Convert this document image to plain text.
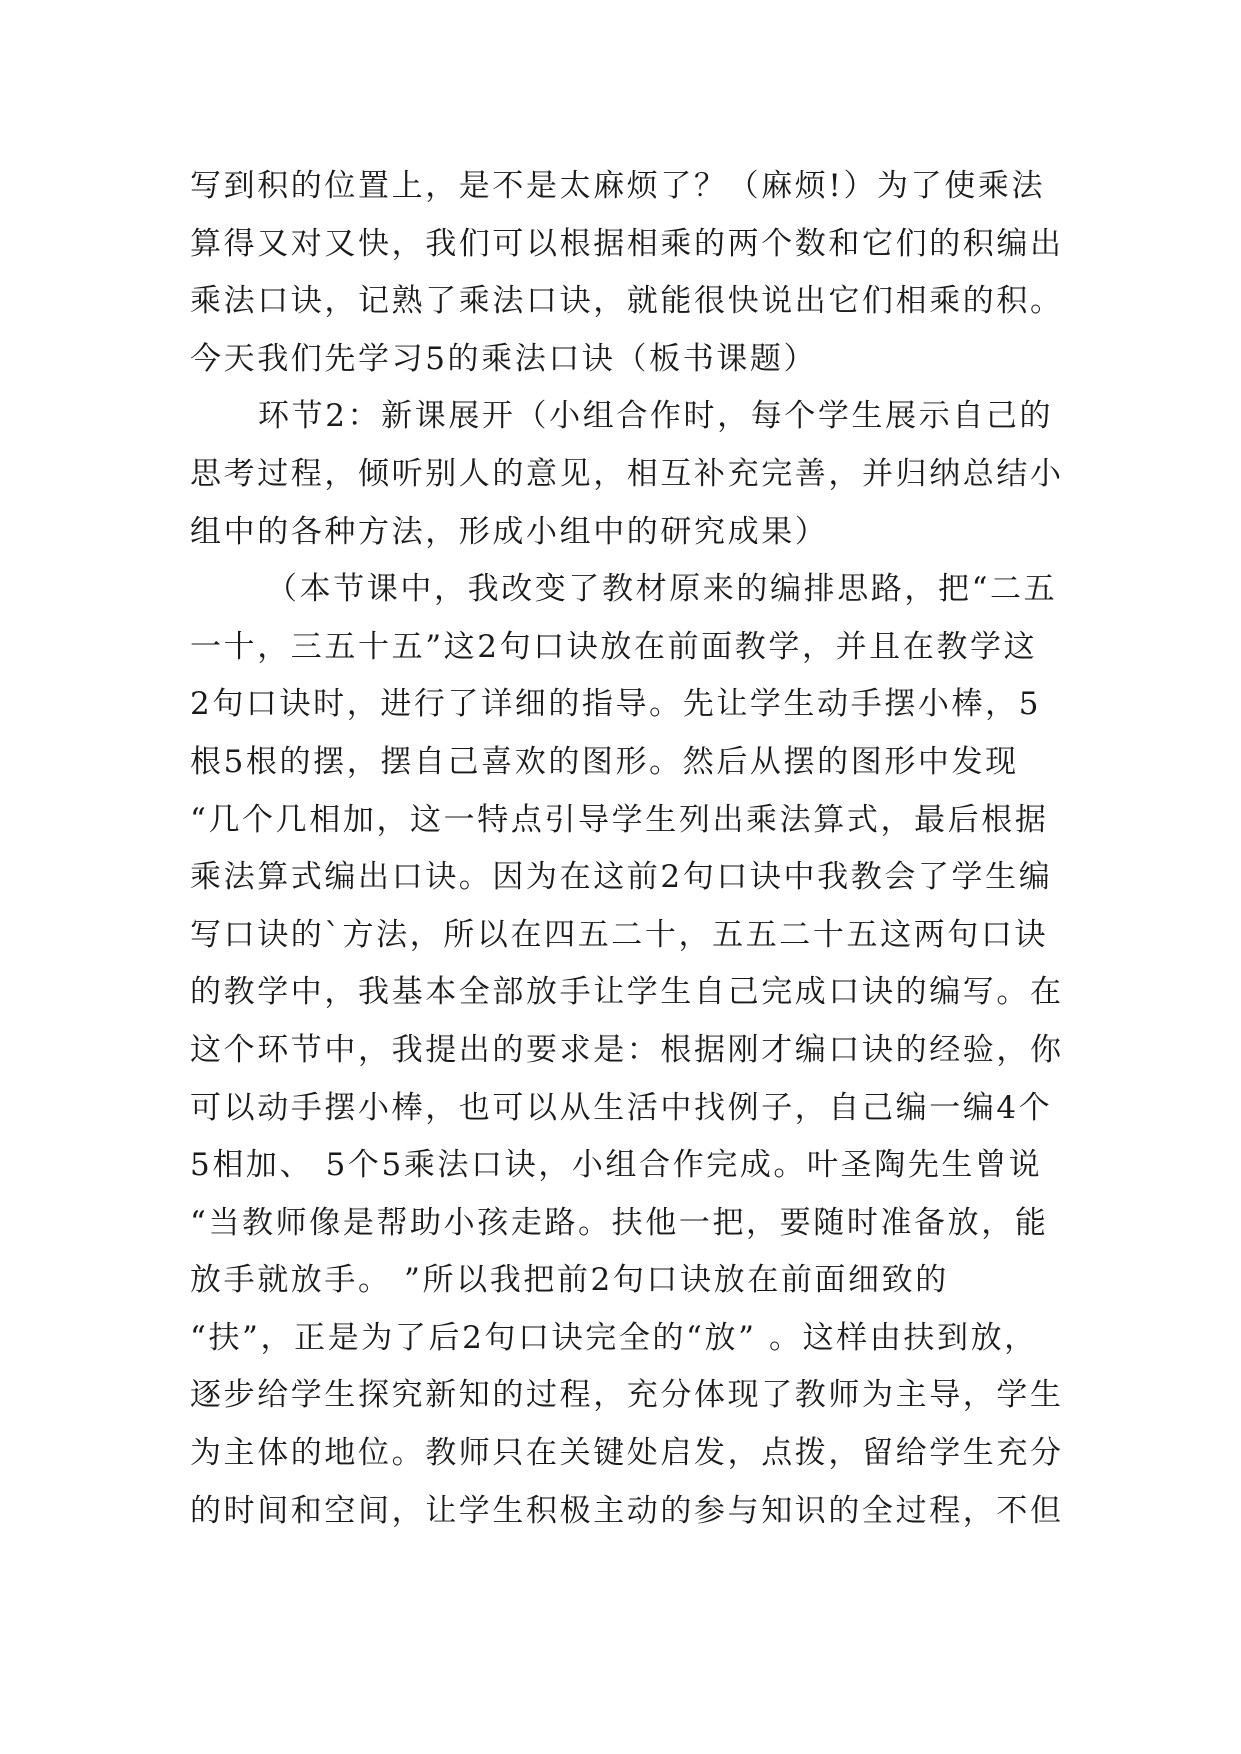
写到积的位置上，是不是太麻烦了？（麻烦!）为了使乘法
算得又对又快，我们可以根据相乘的两个数和它们的积编出
乘法口诀，记熟了乘法口诀，就能很快说出它们相乘的积。
今天我们先学习5的乘法口诀（板书课题）
环节2：新课展开（小组合作时，每个学生展示自己的
思考过程，倾听别人的意见，相互补充完善，并归纳总结小
组中的各种方法，形成小组中的研究成果）
（本节课中，我改变了教材原来的编排思路，把“二五
一十，三五十五”这2句口诀放在前面教学，并且在教学这
2句口诀时，进行了详细的指导。先让学生动手摆小棒，5
根5根的摆，摆自己喜欢的图形。然后从摆的图形中发现
“几个几相加，这一特点引导学生列出乘法算式，最后根据
乘法算式编出口诀。因为在这前2句口诀中我教会了学生编
写口诀的`方法，所以在四五二十，五五二十五这两句口诀
的教学中，我基本全部放手让学生自己完成口诀的编写。在
这个环节中，我提出的要求是：根据刚才编口诀的经验，你
可以动手摆小棒，也可以从生活中找例子，自己编一编4个
5相加、 5个5乘法口诀，小组合作完成。叶圣陶先生曾说
“当教师像是帮助小孩走路。扶他一把，要随时准备放，能
放手就放手。 ”所以我把前2句口诀放在前面细致的
“扶”，正是为了后2句口诀完全的“放” 。这样由扶到放，
逐步给学生探究新知的过程，充分体现了教师为主导，学生
为主体的地位。教师只在关键处启发，点拨，留给学生充分
的时间和空间，让学生积极主动的参与知识的全过程，不但
